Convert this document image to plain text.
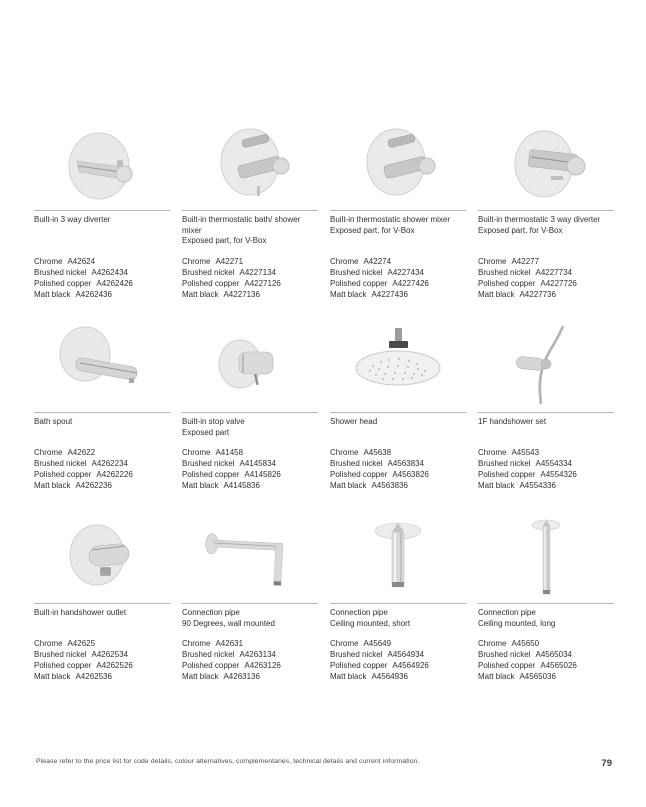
Built-in 3 way diverter
Chrome A42624
Brushed nickel A4262434
Polished copper A4262426
Matt black A4262436
Built-in thermostatic bath/ shower mixer
Exposed part, for V-Box
Chrome A42271
Brushed nickel A4227134
Polished copper A4227126
Matt black A4227136
Built-in thermostatic shower mixer
Exposed part, for V-Box
Chrome A42274
Brushed nickel A4227434
Polished copper A4227426
Matt black A4227436
Built-in thermostatic 3 way diverter
Exposed part, for V-Box
Chrome A42277
Brushed nickel A4227734
Polished copper A4227726
Matt black A4227736
Bath spout
Chrome A42622
Brushed nickel A4262234
Polished copper A4262226
Matt black A4262236
Built-in stop valve
Exposed part
Chrome A41458
Brushed nickel A4145834
Polished copper A4145826
Matt black A4145836
Shower head
Chrome A45638
Brushed nickel A4563834
Polished copper A4563826
Matt black A4563836
1F handshower set
Chrome A45543
Brushed nickel A4554334
Polished copper A4554326
Matt black A4554336
Built-in handshower outlet
Chrome A42625
Brushed nickel A4262534
Polished copper A4262526
Matt black A4262536
Connection pipe
90 Degrees, wall mounted
Chrome A42631
Brushed nickel A4263134
Polished copper A4263126
Matt black A4263136
Connection pipe
Ceiling mounted, short
Chrome A45649
Brushed nickel A4564934
Polished copper A4564926
Matt black A4564936
Connection pipe
Ceiling mounted, long
Chrome A45650
Brushed nickel A4565034
Polished copper A4565026
Matt black A4565036
Please refer to the price list for code details, colour alternatives, complementaries, technical details and current information.	79
